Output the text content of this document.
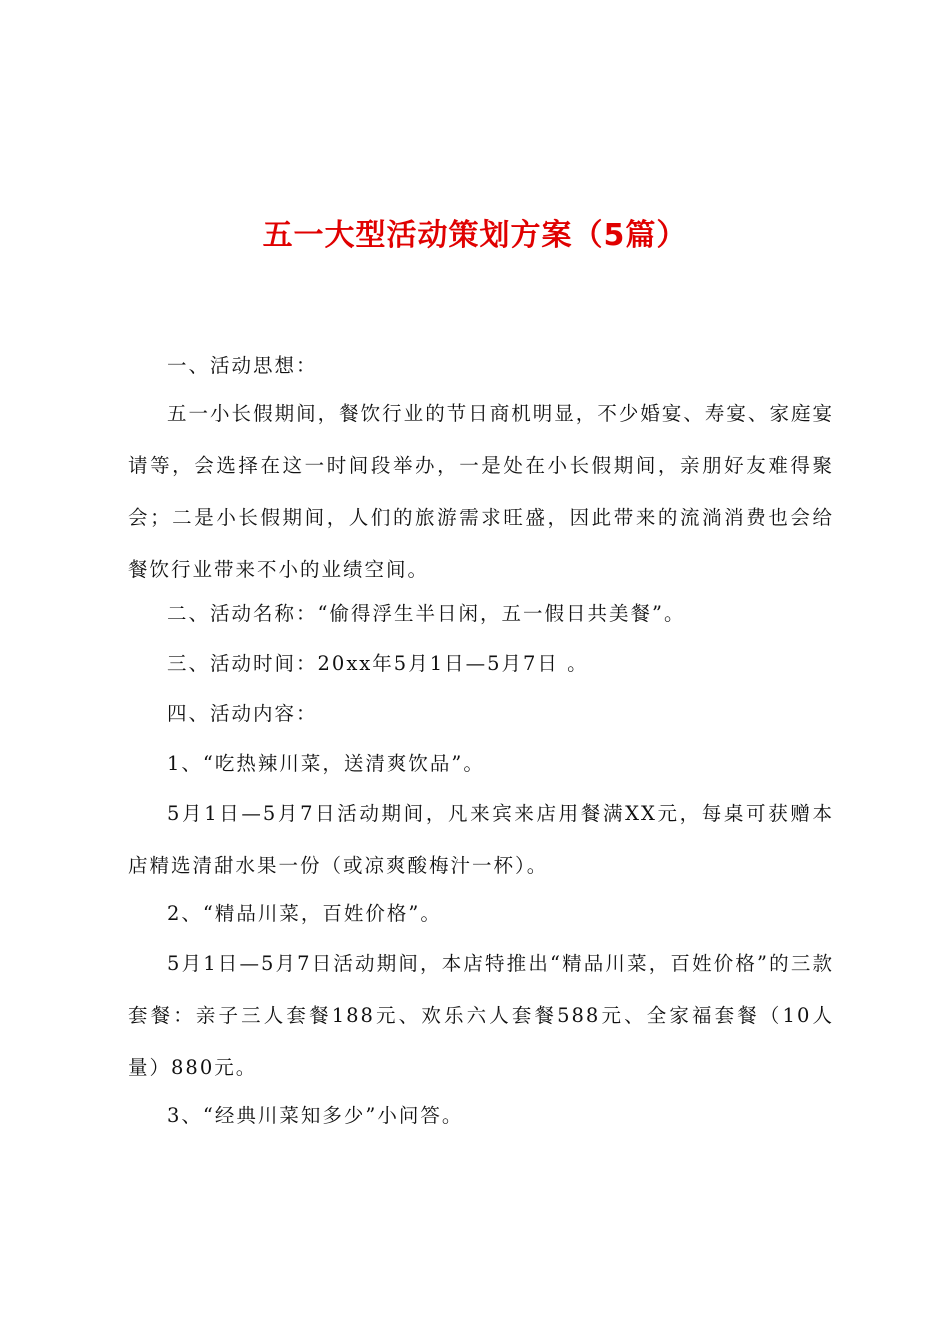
五一大型活动策划方案（5篇）

一、活动思想：

五一小长假期间，餐饮行业的节日商机明显，不少婚宴、寿宴、家庭宴请等，会选择在这一时间段举办，一是处在小长假期间，亲朋好友难得聚会；二是小长假期间，人们的旅游需求旺盛，因此带来的流淌消费也会给餐饮行业带来不小的业绩空间。

二、活动名称：“偷得浮生半日闲，五一假日共美餐”。

三、活动时间：20xx年5月1日—5月7日 。

四、活动内容：

1、“吃热辣川菜，送清爽饮品”。

5月1日—5月7日活动期间，凡来宾来店用餐满XX元，每桌可获赠本店精选清甜水果一份（或凉爽酸梅汁一杯）。

2、“精品川菜，百姓价格”。

5月1日—5月7日活动期间，本店特推出“精品川菜，百姓价格”的三款套餐：亲子三人套餐188元、欢乐六人套餐588元、全家福套餐（10人量）880元。

3、“经典川菜知多少”小问答。
